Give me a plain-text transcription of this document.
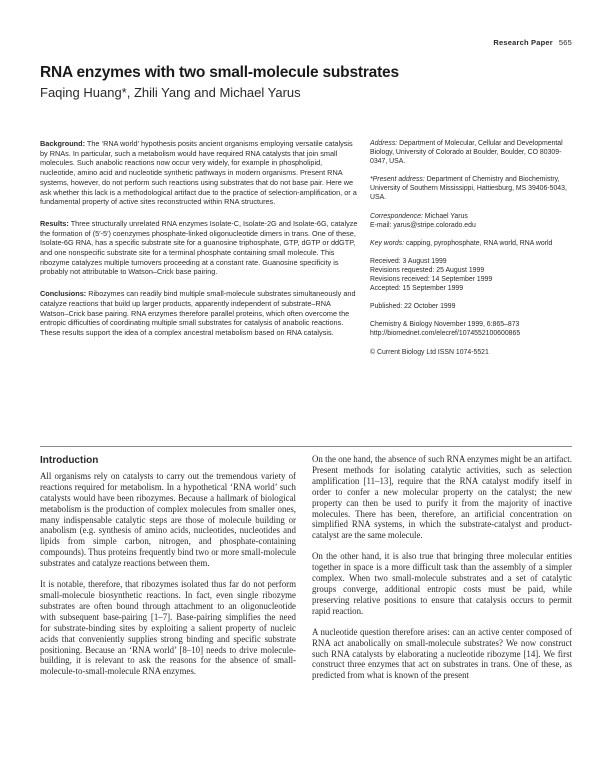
Research Paper 565
RNA enzymes with two small-molecule substrates
Faqing Huang*, Zhili Yang and Michael Yarus

Background: The ‘RNA world’ hypothesis posits ancient organisms employing versatile catalysis by RNAs. In particular, such a metabolism would have required RNA catalysts that join small molecules. Such anabolic reactions now occur very widely, for example in phospholipid, nucleotide, amino acid and nucleotide synthetic pathways in modern organisms. Present RNA systems, however, do not perform such reactions using substrates that do not base pair. Here we ask whether this lack is a methodological artifact due to the practice of selection-amplification, or a fundamental property of active sites reconstructed within RNA structures.

Results: Three structurally unrelated RNA enzymes Isolate-C, Isolate-2G and Isolate-6G, catalyze the formation of (5′-5′) coenzymes phosphate-linked oligonucleotide dimers in trans. One of these, Isolate-6G RNA, has a specific substrate site for a guanosine triphosphate, GTP, dGTP or ddGTP, and one nonspecific substrate site for a terminal phosphate containing small molecule. This ribozyme catalyzes multiple turnovers proceeding at a constant rate. Guanosine specificity is probably not attributable to Watson–Crick base pairing.

Conclusions: Ribozymes can readily bind multiple small-molecule substrates simultaneously and catalyze reactions that build up larger products, apparently independent of substrate–RNA Watson–Crick base pairing. RNA enzymes therefore parallel proteins, which often overcome the entropic difficulties of coordinating multiple small substrates for catalysis of anabolic reactions. These results support the idea of a complex ancestral metabolism based on RNA catalysis.

Address: Department of Molecular, Cellular and Developmental Biology, University of Colorado at Boulder, Boulder, CO 80309-0347, USA.
*Present address: Department of Chemistry and Biochemistry, University of Southern Mississippi, Hattiesburg, MS 39406-5043, USA.
Correspondence: Michael Yarus
E-mail: yarus@stripe.colorado.edu
Key words: capping, pyrophosphate, RNA world, RNA world
Received: 3 August 1999
Revisions requested: 25 August 1999
Revisions received: 14 September 1999
Accepted: 15 September 1999
Published: 22 October 1999
Chemistry & Biology November 1999, 6:865–873
http://biomednet.com/elecref/1074552100600865
© Current Biology Ltd ISSN 1074-5521
Introduction

All organisms rely on catalysts to carry out the tremendous variety of reactions required for metabolism. In a hypothetical ‘RNA world’ such catalysts would have been ribozymes. Because a hallmark of biological metabolism is the production of complex molecules from smaller ones, many indispensable catalytic steps are those of molecule building or anabolism (e.g. synthesis of amino acids, nucleotides, nucleotides and lipids from simple carbon, nitrogen, and phosphate-containing compounds). Thus proteins frequently bind two or more small-molecule substrates and catalyze reactions between them.

It is notable, therefore, that ribozymes isolated thus far do not perform small-molecule biosynthetic reactions. In fact, even single ribozyme substrates are often bound through attachment to an oligonucleotide with subsequent base-pairing [1–7]. Base-pairing simplifies the need for substrate-binding sites by exploiting a salient property of nucleic acids that conveniently supplies strong binding and specific substrate positioning. Because an ‘RNA world’ [8–10] needs to drive molecule-building, it is relevant to ask the reasons for the absence of small-molecule-to-small-molecule RNA enzymes.

On the one hand, the absence of such RNA enzymes might be an artifact. Present methods for isolating catalytic activities, such as selection amplification [11–13], require that the RNA catalyst modify itself in order to confer a new molecular property on the catalyst; the new property can then be used to purify it from the majority of inactive molecules. There has been, therefore, an artificial concentration on simplified RNA systems, in which the substrate-catalyst and product-catalyst are the same molecule.

On the other hand, it is also true that bringing three molecular entities together in space is a more difficult task than the assembly of a simpler complex. When two small-molecule substrates and a set of catalytic groups converge, additional entropic costs must be paid, while preserving relative positions to ensure that catalysis occurs to permit rapid reaction.

A nucleotide question therefore arises: can an active center composed of RNA act anabolically on small-molecule substrates? We now construct such RNA catalysts by elaborating a nucleotide ribozyme [14]. We first construct three enzymes that act on substrates in trans. One of these, as predicted from what is known of the present
